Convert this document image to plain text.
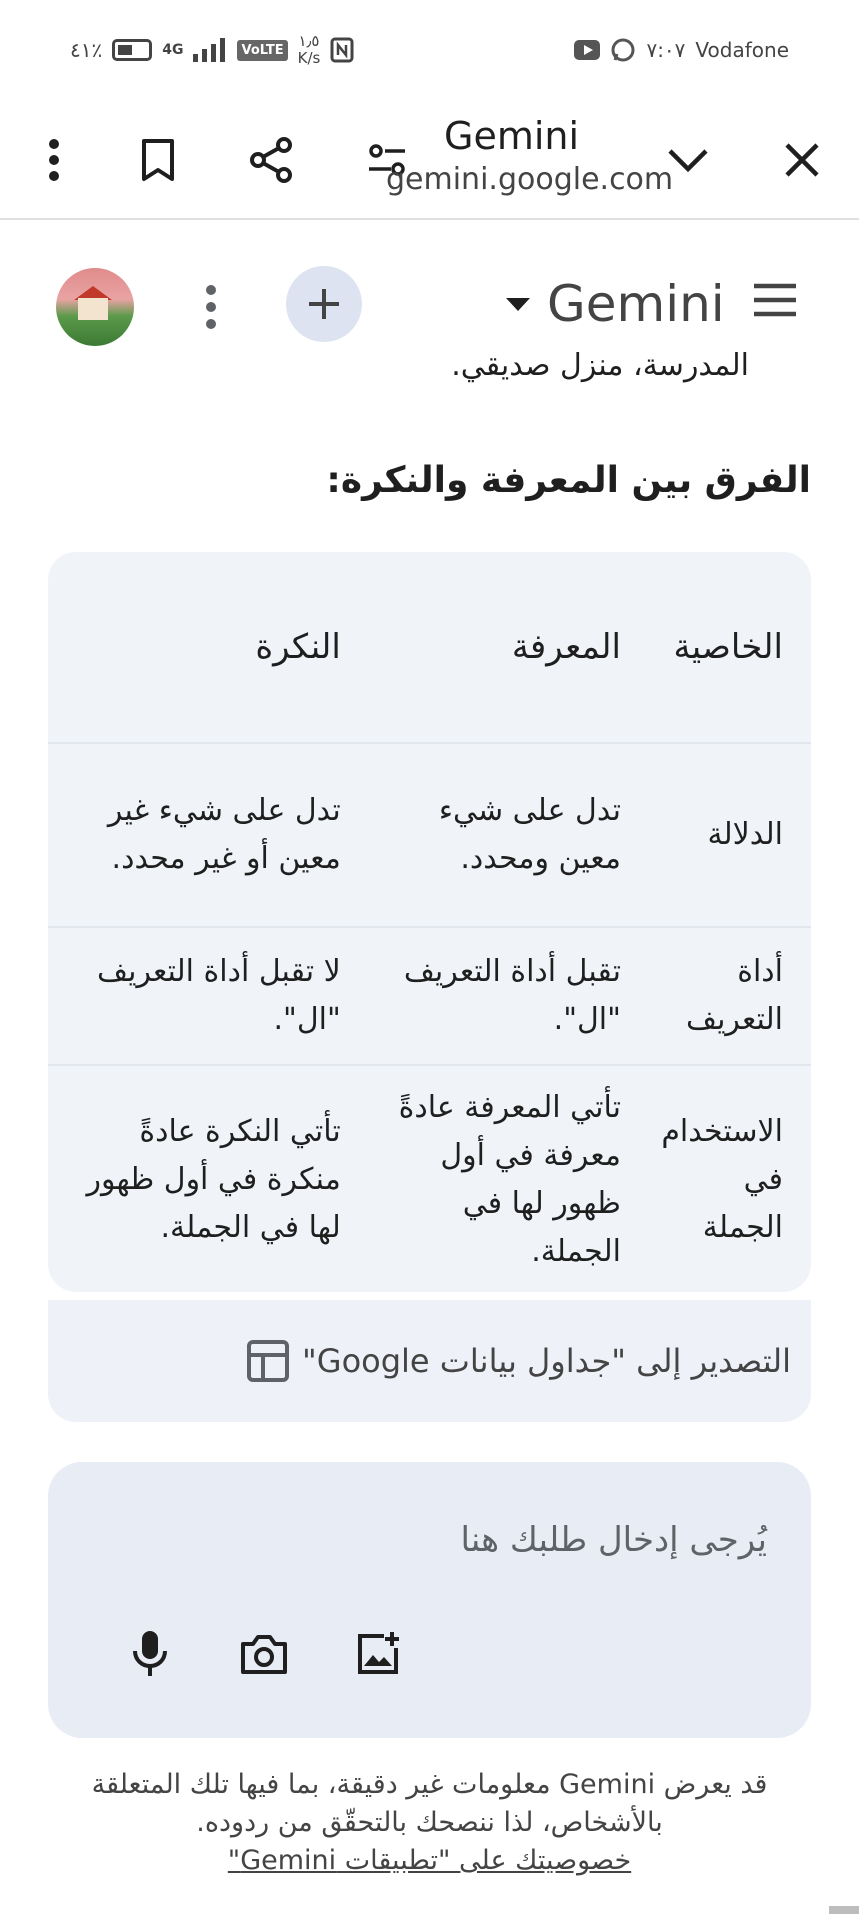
٤١٪	4G	VoLTE ١٫٥
K/s	٧:٠٧ Vodafone
Gemini
gemini.google.com
Gemini
المدرسة، منزل صديقي.
الفرق بين المعرفة والنكرة:
الخاصية	المعرفة	النكرة
الدلالة	تدل على شيء معين ومحدد.	تدل على شيء غير معين أو غير محدد.
أداة التعريف	تقبل أداة التعريف "ال".	لا تقبل أداة التعريف "ال".
الاستخدام في الجملة	تأتي المعرفة عادةً معرفة في أول ظهور لها في الجملة.	تأتي النكرة عادةً منكرة في أول ظهور لها في الجملة.
التصدير إلى "جداول بيانات Google"
يُرجى إدخال طلبك هنا
قد يعرض Gemini معلومات غير دقيقة، بما فيها تلك المتعلقة بالأشخاص، لذا ننصحك بالتحقّق من ردوده.
خصوصيتك على "تطبيقات Gemini"
